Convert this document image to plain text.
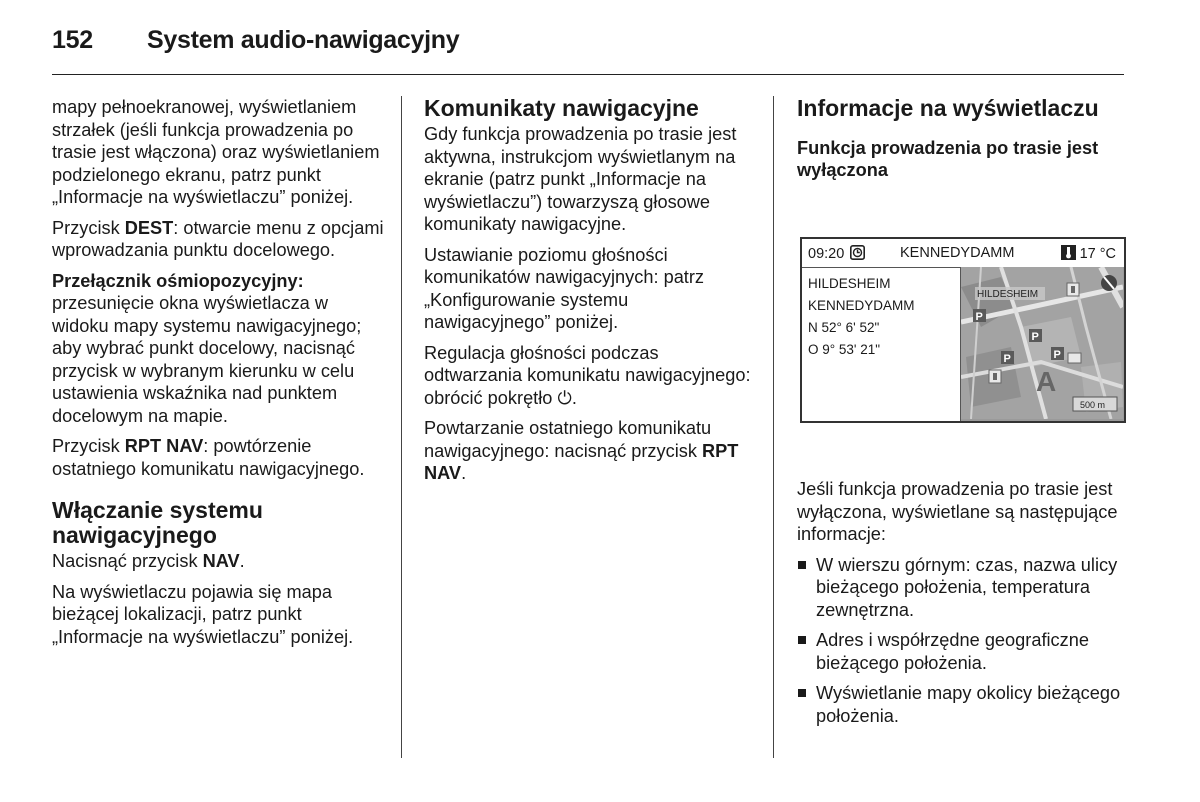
152 System audio-nawigacyjny

mapy pełnoekranowej, wyświetlaniem strzałek (jeśli funkcja prowadzenia po trasie jest włączona) oraz wyświetlaniem podzielonego ekranu, patrz punkt „Informacje na wyświetlaczu” poniżej.

Przycisk DEST: otwarcie menu z opcjami wprowadzania punktu docelowego.

Przełącznik ośmiopozycyjny:
przesunięcie okna wyświetlacza w widoku mapy systemu nawigacyjnego; aby wybrać punkt docelowy, nacisnąć przycisk w wybranym kierunku w celu ustawienia wskaźnika nad punktem docelowym na mapie.

Przycisk RPT NAV: powtórzenie ostatniego komunikatu nawigacyjnego.

Włączanie systemu nawigacyjnego

Nacisnąć przycisk NAV.

Na wyświetlaczu pojawia się mapa bieżącej lokalizacji, patrz punkt „Informacje na wyświetlaczu” poniżej.

Komunikaty nawigacyjne

Gdy funkcja prowadzenia po trasie jest aktywna, instrukcjom wyświetlanym na ekranie (patrz punkt „Informacje na wyświetlaczu”) towarzyszą głosowe komunikaty nawigacyjne.

Ustawianie poziomu głośności komunikatów nawigacyjnych: patrz „Konfigurowanie systemu nawigacyjnego” poniżej.

Regulacja głośności podczas odtwarzania komunikatu nawigacyjnego: obrócić pokrętło ⏻.

Powtarzanie ostatniego komunikatu nawigacyjnego: nacisnąć przycisk RPT NAV.

Informacje na wyświetlaczu
Funkcja prowadzenia po trasie jest wyłączona

Jeśli funkcja prowadzenia po trasie jest wyłączona, wyświetlane są następujące informacje:

W wierszu górnym: czas, nazwa ulicy bieżącego położenia, temperatura zewnętrzna.
Adres i współrzędne geograficzne bieżącego położenia.
Wyświetlanie mapy okolicy bieżącego położenia.
09:20	KENNEDYDAMM	17 °C
HILDESHEIM
KENNEDYDAMM
N 52° 6' 52"
O 9° 53' 21"
HILDESHEIM
P
P
P
P
A
500 m
